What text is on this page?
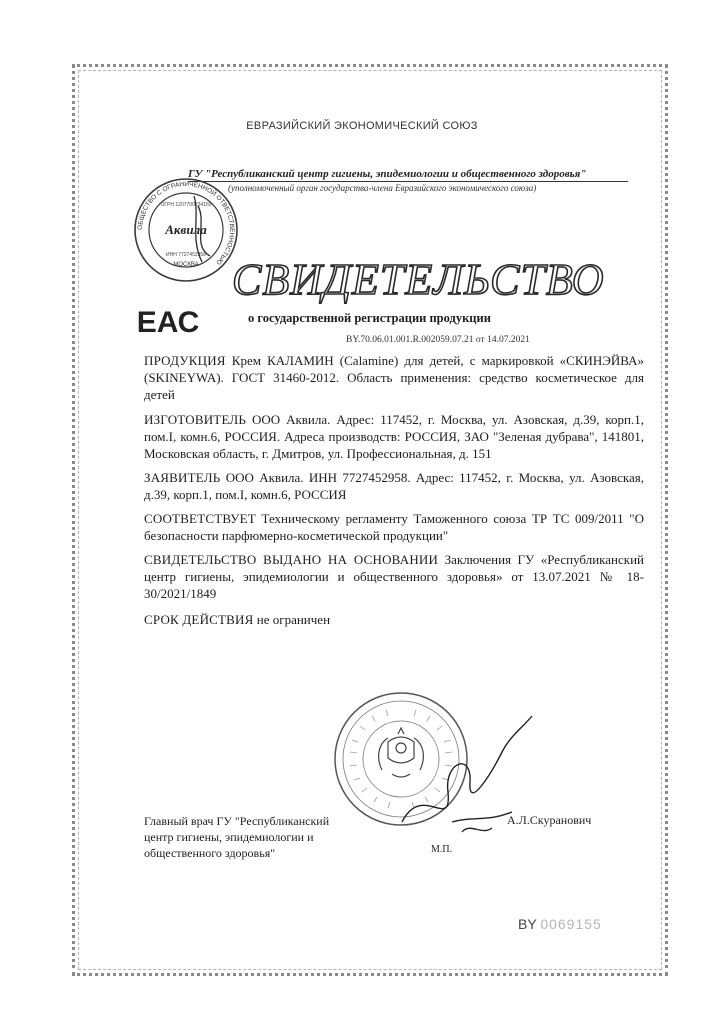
ЕВРАЗИЙСКИЙ ЭКОНОМИЧЕСКИЙ СОЮЗ
ГУ "Республиканский центр гигиены, эпидемиологии и общественного здоровья"
(уполномоченный орган государства-члена Евразийского экономического союза)
ОБЩЕСТВО С ОГРАНИЧЕННОЙ ОТВЕТСТВЕННОСТЬЮ
ОГРН 1207700234165
Аквила
ИНН 7727452958
МОСКВА СВИДЕТЕЛЬСТВО
ЕАС	о государственной регистрации продукции
BY.70.06.01.001.R.002059.07.21 от 14.07.2021
ПРОДУКЦИЯ Крем КАЛАМИН (Calamine) для детей, с маркировкой «СКИНЭЙВА» (SKINEYWA). ГОСТ 31460-2012. Область применения: средство косметическое для детей
ИЗГОТОВИТЕЛЬ ООО Аквила. Адрес: 117452, г. Москва, ул. Азовская, д.39, корп.1, пом.I, комн.6, РОССИЯ. Адреса производств: РОССИЯ, ЗАО "Зеленая дубрава", 141801, Московская область, г. Дмитров, ул. Профессиональная, д. 151
ЗАЯВИТЕЛЬ ООО Аквила. ИНН 7727452958. Адрес: 117452, г. Москва, ул. Азовская, д.39, корп.1, пом.I, комн.6, РОССИЯ
СООТВЕТСТВУЕТ Техническому регламенту Таможенного союза ТР ТС 009/2011 "О безопасности парфюмерно-косметической продукции"
СВИДЕТЕЛЬСТВО ВЫДАНО НА ОСНОВАНИИ Заключения ГУ «Республиканский центр гигиены, эпидемиологии и общественного здоровья» от 13.07.2021 № 18-30/2021/1849
СРОК ДЕЙСТВИЯ не ограничен
Главный врач ГУ "Республиканский
центр гигиены, эпидемиологии и
общественного здоровья"
А.Л.Скуранович
М.П.
BY 0069155
